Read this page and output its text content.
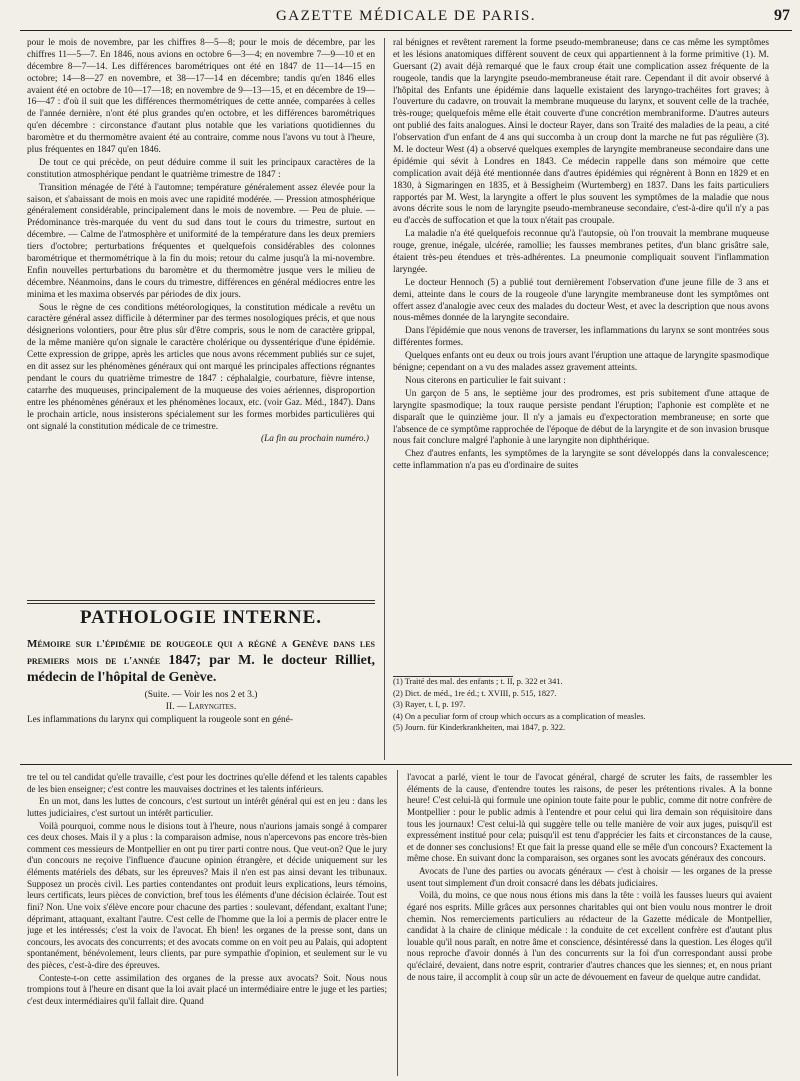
GAZETTE MÉDICALE DE PARIS.	97

pour le mois de novembre, par les chiffres 8—5—8; pour le mois de décembre, par les chiffres 11—5—7. En 1846, nous avions en octobre 6—3—4; en novembre 7—9—10 et en décembre 8—7—14. Les différences barométriques ont été en 1847 de 11—14—15 en octobre; 14—8—27 en novembre, et 38—17—14 en décembre; tandis qu'en 1846 elles avaient été en octobre de 10—17—18; en novembre de 9—13—15, et en décembre de 19—16—47 : d'où il suit que les différences thermométriques de cette année, comparées à celles de l'année dernière, n'ont été plus grandes qu'en octobre, et les différences barométriques qu'en décembre : circonstance d'autant plus notable que les variations quotidiennes du baromètre et du thermomètre avaient été au contraire, comme nous l'avons vu tout à l'heure, plus fréquentes en 1847 qu'en 1846.

De tout ce qui précède, on peut déduire comme il suit les principaux caractères de la constitution atmosphérique pendant le quatrième trimestre de 1847 :

Transition ménagée de l'été à l'automne; température généralement assez élevée pour la saison, et s'abaissant de mois en mois avec une rapidité modérée. — Pression atmosphérique généralement considérable, principalement dans le mois de novembre. — Peu de pluie. — Prédominance très-marquée du vent du sud dans tout le cours du trimestre, surtout en décembre. — Calme de l'atmosphère et uniformité de la température dans les deux premiers tiers d'octobre; perturbations fréquentes et quelquefois considérables des colonnes barométrique et thermométrique à la fin du mois; retour du calme jusqu'à la mi-novembre. Enfin nouvelles perturbations du baromètre et du thermomètre jusque vers le milieu de décembre. Néanmoins, dans le cours du trimestre, différences en général médiocres entre les minima et les maxima observés par périodes de dix jours.

Sous le règne de ces conditions météorologiques, la constitution médicale a revêtu un caractère général assez difficile à déterminer par des termes nosologiques précis, et que nous désignerions volontiers, pour être plus sûr d'être compris, sous le nom de caractère grippal, de la même manière qu'on signale le caractère cholérique ou dyssentérique d'une épidémie. Cette expression de grippe, après les articles que nous avons récemment publiés sur ce sujet, en dit assez sur les phénomènes généraux qui ont marqué les principales affections régnantes pendant le cours du quatrième trimestre de 1847 : céphalalgie, courbature, fièvre intense, catarrhe des muqueuses, principalement de la muqueuse des voies aériennes, disproportion entre les phénomènes généraux et les phénomènes locaux, etc. (voir Gaz. Méd., 1847). Dans le prochain article, nous insisterons spécialement sur les formes morbides particulières qui ont signalé la constitution médicale de ce trimestre.

(La fin au prochain numéro.)
PATHOLOGIE INTERNE.
Mémoire sur l'épidémie de rougeole qui a régné a Genève dans les premiers mois de l'année 1847; par M. le docteur Rilliet, médecin de l'hôpital de Genève.
(Suite. — Voir les nos 2 et 3.)
II. — Laryngites.
Les inflammations du larynx qui compliquent la rougeole sont en géné-

ral bénignes et revêtent rarement la forme pseudo-membraneuse; dans ce cas même les symptômes et les lésions anatomiques diffèrent souvent de ceux qui appartiennent à la forme primitive (1). M. Guersant (2) avait déjà remarqué que le faux croup était une complication assez fréquente de la rougeole, tandis que la laryngite pseudo-membraneuse était rare. Cependant il dit avoir observé à l'hôpital des Enfants une épidémie dans laquelle existaient des laryngo-trachéites fort graves; à l'ouverture du cadavre, on trouvait la membrane muqueuse du larynx, et souvent celle de la trachée, très-rouge; quelquefois même elle était couverte d'une concrétion membraniforme. D'autres auteurs ont publié des faits analogues. Ainsi le docteur Rayer, dans son Traité des maladies de la peau, a cité l'observation d'un enfant de 4 ans qui succomba à un croup dont la marche ne fut pas régulière (3). M. le docteur West (4) a observé quelques exemples de laryngite membraneuse secondaire dans une épidémie qui sévit à Londres en 1843. Ce médecin rappelle dans son mémoire que cette complication avait déjà été mentionnée dans d'autres épidémies qui régnèrent à Bonn en 1829 et en 1830, à Sigmaringen en 1835, et à Bessigheim (Wurtemberg) en 1837. Dans les faits particuliers rapportés par M. West, la laryngite a offert le plus souvent les symptômes de la maladie que nous avons décrite sous le nom de laryngite pseudo-membraneuse secondaire, c'est-à-dire qu'il n'y a pas eu d'accès de suffocation et que la toux n'était pas croupale.

La maladie n'a été quelquefois reconnue qu'à l'autopsie, où l'on trouvait la membrane muqueuse rouge, grenue, inégale, ulcérée, ramollie; les fausses membranes petites, d'un blanc grisâtre sale, étaient très-peu étendues et très-adhérentes. La pneumonie compliquait souvent l'inflammation laryngée.

Le docteur Hennoch (5) a publié tout dernièrement l'observation d'une jeune fille de 3 ans et demi, atteinte dans le cours de la rougeole d'une laryngite membraneuse dont les symptômes ont offert assez d'analogie avec ceux des malades du docteur West, et avec la description que nous avons nous-mêmes donnée de la laryngite secondaire.

Dans l'épidémie que nous venons de traverser, les inflammations du larynx se sont montrées sous différentes formes.

Quelques enfants ont eu deux ou trois jours avant l'éruption une attaque de laryngite spasmodique bénigne; cependant on a vu des malades assez gravement atteints.

Nous citerons en particulier le fait suivant :

Un garçon de 5 ans, le septième jour des prodromes, est pris subitement d'une attaque de laryngite spasmodique; la toux rauque persiste pendant l'éruption; l'aphonie est complète et ne disparaît que le quinzième jour. Il n'y a jamais eu d'expectoration membraneuse; en sorte que l'absence de ce symptôme rapprochée de l'époque de début de la laryngite et de son invasion brusque nous fait conclure malgré l'aphonie à une laryngite non diphthérique.

Chez d'autres enfants, les symptômes de la laryngite se sont développés dans la convalescence; cette inflammation n'a pas eu d'ordinaire de suites

(1) Traité des mal. des enfants ; t. II, p. 322 et 341.
(2) Dict. de méd., 1re éd.; t. XVIII, p. 515, 1827.
(3) Rayer, t. I, p. 197.
(4) On a peculiar form of croup which occurs as a complication of measles.
(5) Journ. für Kinderkrankheiten, mai 1847, p. 322.

tre tel ou tel candidat qu'elle travaille, c'est pour les doctrines qu'elle défend et les talents capables de les bien enseigner; c'est contre les mauvaises doctrines et les talents inférieurs.

En un mot, dans les luttes de concours, c'est surtout un intérêt général qui est en jeu : dans les luttes judiciaires, c'est surtout un intérêt particulier.

Voilà pourquoi, comme nous le disions tout à l'heure, nous n'aurions jamais songé à comparer ces deux choses. Mais il y a plus : la comparaison admise, nous n'apercevons pas encore très-bien comment ces messieurs de Montpellier en ont pu tirer parti contre nous. Que veut-on? Que le jury d'un concours ne reçoive l'influence d'aucune opinion étrangère, et décide uniquement sur les éléments matériels des débats, sur les épreuves? Mais il n'en est pas ainsi devant les tribunaux. Supposez un procès civil. Les parties contendantes ont produit leurs explications, leurs témoins, leurs certificats, leurs pièces de conviction, bref tous les éléments d'une décision éclairée. Tout est fini? Non. Une voix s'élève encore pour chacune des parties : soulevant, défendant, exaltant l'une; déprimant, attaquant, exaltant l'autre. C'est celle de l'homme que la loi a permis de placer entre le juge et les intéressés; c'est la voix de l'avocat. Eh bien! les organes de la presse sont, dans un concours, les avocats des concurrents; et des avocats comme on en voit peu au Palais, qui adoptent spontanément, bénévolement, leurs clients, par pure sympathie d'opinion, et seulement sur le vu des pièces, c'est-à-dire des épreuves.

Conteste-t-on cette assimilation des organes de la presse aux avocats? Soit. Nous nous trompions tout à l'heure en disant que la loi avait placé un intermédiaire entre le juge et les parties; c'est deux intermédiaires qu'il fallait dire. Quand

l'avocat a parlé, vient le tour de l'avocat général, chargé de scruter les faits, de rassembler les éléments de la cause, d'entendre toutes les raisons, de peser les prétentions rivales. A la bonne heure! C'est celui-là qui formule une opinion toute faite pour le public, comme dit notre confrère de Montpellier : pour le public admis à l'entendre et pour celui qui lira demain son réquisitoire dans tous les journaux! C'est celui-là qui suggère telle ou telle manière de voir aux juges, puisqu'il est expressément institué pour cela; puisqu'il est tenu d'apprécier les faits et circonstances de la cause, et de donner ses conclusions! Et que fait la presse quand elle se mêle d'un concours? Exactement la même chose. En suivant donc la comparaison, ses organes sont les avocats généraux des concours.

Avocats de l'une des parties ou avocats généraux — c'est à choisir — les organes de la presse usent tout simplement d'un droit consacré dans les débats judiciaires.

Voilà, du moins, ce que nous nous étions mis dans la tête : voilà les fausses lueurs qui avaient égaré nos esprits. Mille grâces aux personnes charitables qui ont bien voulu nous montrer le droit chemin. Nos remerciements particuliers au rédacteur de la Gazette médicale de Montpellier, candidat à la chaire de clinique médicale : la conduite de cet excellent confrère est d'autant plus louable qu'il nous paraît, en notre âme et conscience, désintéressé dans la question. Les éloges qu'il nous reproche d'avoir donnés à l'un des concurrents sur la foi d'un correspondant aussi probe qu'éclairé, devaient, dans notre esprit, contrarier d'autres chances que les siennes; et, en nous priant de nous taire, il accomplit à coup sûr un acte de dévouement en faveur de quelque autre candidat.
